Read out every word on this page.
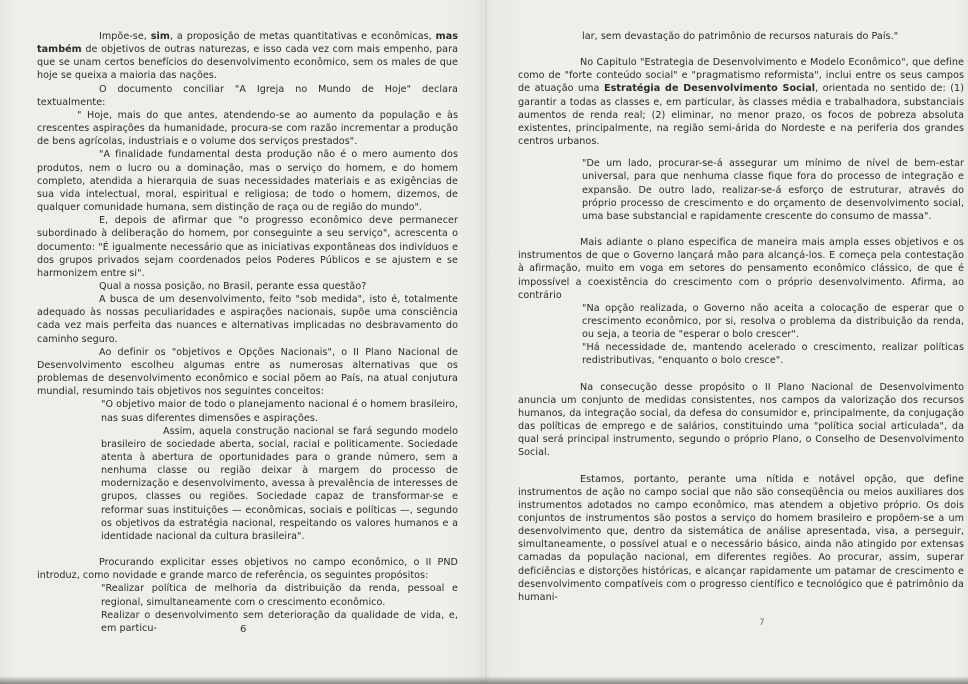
Impõe-se, sim, a proposição de metas quantitativas e econômicas, mas também de objetivos de outras naturezas, e isso cada vez com mais empenho, para que se unam certos benefícios do desenvolvimento econômico, sem os males de que hoje se queixa a maioria das nações.

O documento conciliar "A Igreja no Mundo de Hoje" declara textualmente:

" Hoje, mais do que antes, atendendo-se ao aumento da população e às crescentes aspirações da humanidade, procura-se com razão incrementar a produção de bens agrícolas, industriais e o volume dos serviços prestados".

"A finalidade fundamental desta produção não é o mero aumento dos produtos, nem o lucro ou a dominação, mas o serviço do homem, e do homem completo, atendida a hierarquia de suas necessidades materiais e as exigências de sua vida intelectual, moral, espiritual e religiosa; de todo o homem, dizemos, de qualquer comunidade humana, sem distinção de raça ou de região do mundo".

E, depois de afirmar que "o progresso econômico deve permanecer subordinado à deliberação do homem, por conseguinte a seu serviço", acrescenta o documento: "É igualmente necessário que as iniciativas expontâneas dos indivíduos e dos grupos privados sejam coordenados pelos Poderes Públicos e se ajustem e se harmonizem entre si".

Qual a nossa posição, no Brasil, perante essa questão?

A busca de um desenvolvimento, feito "sob medida", isto é, totalmente adequado às nossas peculiaridades e aspirações nacionais, supõe uma consciência cada vez mais perfeita das nuances e alternativas implicadas no desbravamento do caminho seguro.

Ao definir os "objetivos e Opções Nacionais", o II Plano Nacional de Desenvolvimento escolheu algumas entre as numerosas alternativas que os problemas de desenvolvimento econômico e social põem ao País, na atual conjutura mundial, resumindo tais objetivos nos seguintes conceitos:

"O objetivo maior de todo o planejamento nacional é o homem brasileiro, nas suas diferentes dimensões e aspirações.

Assim, aquela construção nacional se fará segundo modelo brasileiro de sociedade aberta, social, racial e politicamente. Sociedade atenta à abertura de oportunidades para o grande número, sem a nenhuma classe ou região deixar à margem do processo de modernização e desenvolvimento, avessa à prevalência de interesses de grupos, classes ou regiões. Sociedade capaz de transformar-se e reformar suas instituições — econômicas, sociais e políticas —, segundo os objetivos da estratégia nacional, respeitando os valores humanos e a identidade nacional da cultura brasileira".

Procurando explicitar esses objetivos no campo econômico, o II PND introduz, como novidade e grande marco de referência, os seguintes propósitos:

"Realizar política de melhoria da distribuição da renda, pessoal e regional, simultaneamente com o crescimento econômico.

Realizar o desenvolvimento sem deterioração da qualidade de vida, e, em particu-	6

lar, sem devastação do patrimônio de recursos naturais do País."

No Capitulo "Estrategia de Desenvolvimento e Modelo Econômico", que define como de "forte conteúdo social" e "pragmatismo reformista", inclui entre os seus campos de atuação uma Estratégia de Desenvolvimento Social, orientada no sentido de: (1) garantir a todas as classes e, em particular, às classes média e trabalhadora, substanciais aumentos de renda real; (2) eliminar, no menor prazo, os focos de pobreza absoluta existentes, principalmente, na região semi-árida do Nordeste e na periferia dos grandes centros urbanos.

"De um lado, procurar-se-á assegurar um mínimo de nível de bem-estar universal, para que nenhuma classe fique fora do processo de integração e expansão. De outro lado, realizar-se-á esforço de estruturar, através do próprio processo de crescimento e do orçamento de desenvolvimento social, uma base substancial e rapidamente crescente do consumo de massa".

Mais adiante o plano especifica de maneira mais ampla esses objetivos e os instrumentos de que o Governo lançará mão para alcançá-los. E começa pela contestação à afirmação, muito em voga em setores do pensamento econômico clássico, de que é impossível a coexistência do crescimento com o próprio desenvolvimento. Afirma, ao contrário

"Na opção realizada, o Governo não aceita a colocação de esperar que o crescimento econômico, por si, resolva o problema da distribuição da renda, ou seja, a teoria de "esperar o bolo crescer".

"Há necessidade de, mantendo acelerado o crescimento, realizar políticas redistributivas, "enquanto o bolo cresce".

Na consecução desse propósito o II Plano Nacional de Desenvolvimento anuncia um conjunto de medidas consistentes, nos campos da valorização dos recursos humanos, da integração social, da defesa do consumidor e, principalmente, da conjugação das políticas de emprego e de salários, constituindo uma "política social articulada", da qual será principal instrumento, segundo o próprio Plano, o Conselho de Desenvolvimento Social.

Estamos, portanto, perante uma nítida e notável opção, que define instrumentos de ação no campo social que não são conseqüência ou meios auxiliares dos instrumentos adotados no campo econômico, mas atendem a objetivo próprio. Os dois conjuntos de instrumentos são postos a serviço do homem brasileiro e propõem-se a um desenvolvimento que, dentro da sistemática de análise apresentada, visa, a perseguir, simultaneamente, o possível atual e o necessário básico, ainda não atingido por extensas camadas da população nacional, em diferentes regiões. Ao procurar, assim, superar deficiências e distorções históricas, e alcançar rapidamente um patamar de crescimento e desenvolvimento compatíveis com o progresso científico e tecnológico que é patrimônio da humani-

7
